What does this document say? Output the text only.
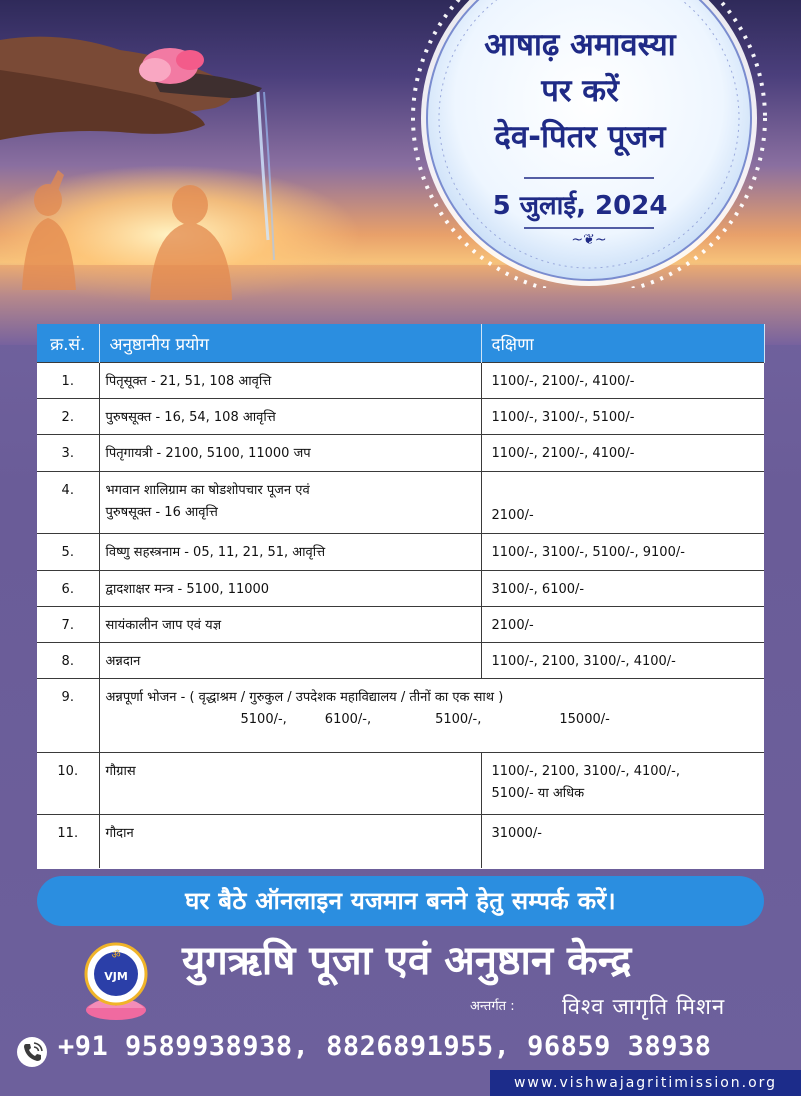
~❦~
आषाढ़ अमावस्या
पर करें
देव-पितर पूजन
5 जुलाई, 2024
क्र.सं.	अनुष्ठानीय प्रयोग	दक्षिणा
1.	पितृसूक्त - 21, 51, 108 आवृत्ति	1100/-, 2100/-, 4100/-
2.	पुरुषसूक्त - 16, 54, 108 आवृत्ति	1100/-, 3100/-, 5100/-
3.	पितृगायत्री - 2100, 5100, 11000 जप	1100/-, 2100/-, 4100/-
4.	भगवान शालिग्राम का षोडशोपचार पूजन एवं
पुरुषसूक्त - 16 आवृत्ति	2100/-
5.	विष्णु सहस्त्रनाम - 05, 11, 21, 51, आवृत्ति	1100/-, 3100/-, 5100/-, 9100/-
6.	द्वादशाक्षर मन्त्र - 5100, 11000	3100/-, 6100/-
7.	सायंकालीन जाप एवं यज्ञ	2100/-
8.	अन्नदान	1100/-, 2100, 3100/-, 4100/-
9.	अन्नपूर्णा भोजन - ( वृद्धाश्रम / गुरुकुल / उपदेशक महाविद्यालय / तीनों का एक साथ )
5100/-, 6100/-, 5100/-, 15000/-	

10.	गौग्रास	1100/-, 2100, 3100/-, 4100/-,
5100/- या अधिक

11.	गौदान	31000/-
घर बैठे ऑनलाइन यजमान बनने हेतु सम्पर्क करें।
ॐ
VJM युगऋषि पूजा एवं अनुष्ठान केन्द्र
अन्तर्गत : विश्व जागृति मिशन
+91 9589938938, 8826891955, 96859 38938
www.vishwajagritimission.org
